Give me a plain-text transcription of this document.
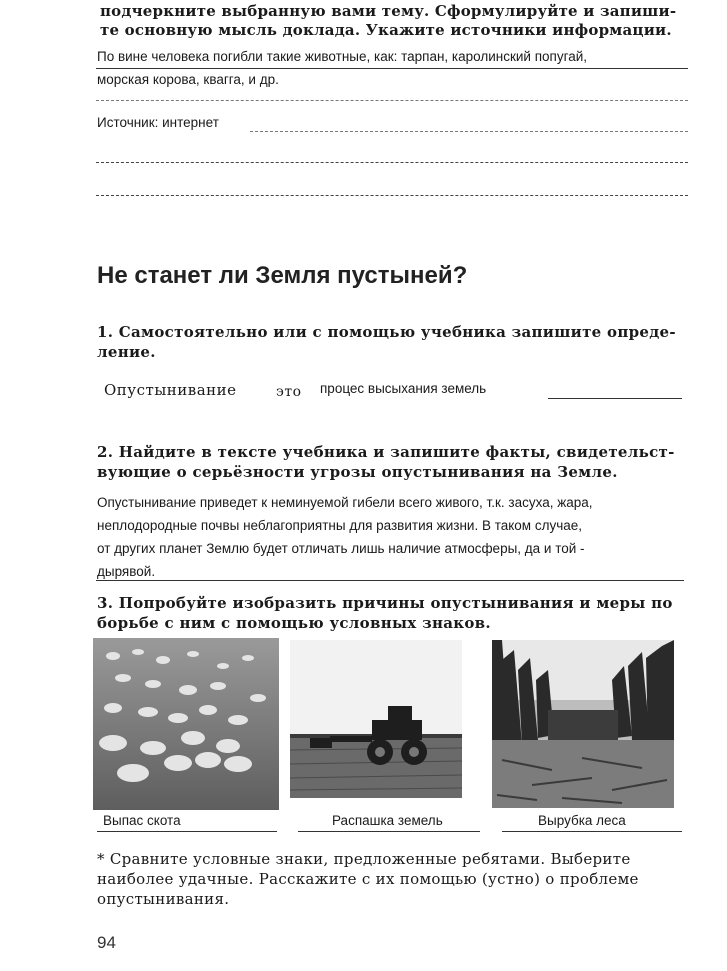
подчеркните выбранную вами тему. Сформулируйте и запиши-
те основную мысль доклада. Укажите источники информации.
По вине человека погибли такие животные, как: тарпан, каролинский попугай,
морская корова, квагга, и др.
Источник: интернет
Не станет ли Земля пустыней?
1. Самостоятельно или с помощью учебника запишите опреде-
ление.
Опустынивание	это процес высыхания земель
2. Найдите в тексте учебника и запишите факты, свидетельст-
вующие о серьёзности угрозы опустынивания на Земле.
Опустынивание приведет к неминуемой гибели всего живого, т.к. засуха, жара,
неплодородные почвы неблагоприятны для развития жизни. В таком случае,
от других планет Землю будет отличать лишь наличие атмосферы, да и той -
дырявой.
3. Попробуйте изобразить причины опустынивания и меры по
борьбе с ним с помощью условных знаков.
Выпас скота	Распашка земель	Вырубка леса
* Сравните условные знаки, предложенные ребятами. Выберите
наиболее удачные. Расскажите с их помощью (устно) о проблеме
опустынивания.
94
